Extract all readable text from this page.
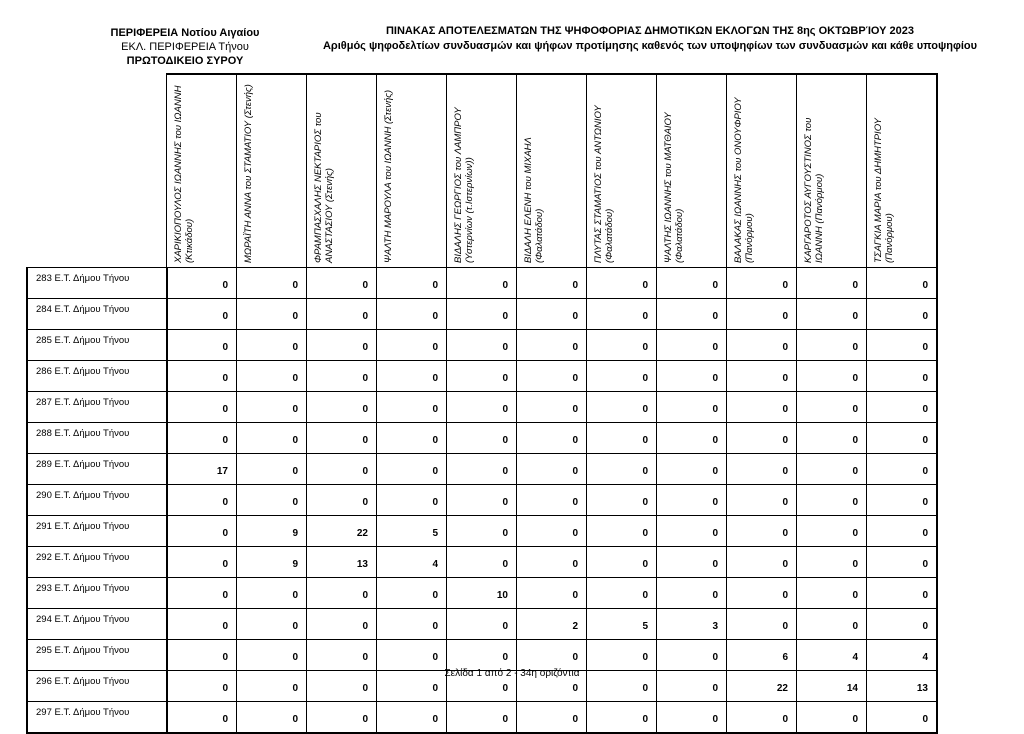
ΠΕΡΙΦΕΡΕΙΑ Νοτίου Αιγαίου
ΕΚΛ. ΠΕΡΙΦΕΡΕΙΑ Τήνου
ΠΡΩΤΟΔΙΚΕΙΟ ΣΥΡΟΥ
ΠΙΝΑΚΑΣ ΑΠΟΤΕΛΕΣΜΑΤΩΝ ΤΗΣ ΨΗΦΟΦΟΡΙΑΣ ΔΗΜΟΤΙΚΩΝ ΕΚΛΟΓΩΝ ΤΗΣ 8ης ΟΚΤΩΒΡΊΟΥ 2023
Αριθμός ψηφοδελτίων συνδυασμών και ψήφων προτίμησης καθενός των υποψηφίων των συνδυασμών και κάθε υποψηφίου

	ΧΑΡΙΚΙΟΠΟΥΛΟΣ ΙΩΑΝΝΗΣ του ΙΩΑΝΝΗ (Κτικάδου)	ΜΩΡΑΪΤΗ ΑΝΝΑ του ΣΤΑΜΑΤΙΟΥ (Στενής)	ΦΡΑΜΠΑΣΧΑΛΗΣ ΝΕΚΤΑΡΙΟΣ του ΑΝΑΣΤΑΣΙΟΥ (Στενής)	ΨΑΛΤΗ ΜΑΡΟΥΛΑ του ΙΩΑΝΝΗ (Στενής)	ΒΙΔΑΛΗΣ ΓΕΩΡΓΙΟΣ του ΛΑΜΠΡΟΥ (Υστερνίων (τ.Ιστερνίων))	ΒΙΔΑΛΗ ΕΛΕΝΗ του ΜΙΧΑΗΛ (Φαλατάδου)	ΠΛΥΤΑΣ ΣΤΑΜΑΤΙΟΣ του ΑΝΤΩΝΙΟΥ (Φαλατάδου)	ΨΑΛΤΗΣ ΙΩΑΝΝΗΣ του ΜΑΤΘΑΙΟΥ (Φαλατάδου)	ΒΑΛΑΚΑΣ ΙΩΑΝΝΗΣ του ΟΝΟΥΦΡΙΟΥ (Πανόρμου)	ΚΑΡΓΑΡΟΤΟΣ ΑΥΓΟΥΣΤΙΝΟΣ του ΙΩΑΝΝΗ (Πανόρμου)	ΤΣΑΓΚΙΑ ΜΑΡΙΑ του ΔΗΜΗΤΡΙΟΥ (Πανόρμου)

283 Ε.Τ. Δήμου Τήνου	0	0	0	0	0	0	0	0	0	0	0
284 Ε.Τ. Δήμου Τήνου	0	0	0	0	0	0	0	0	0	0	0
285 Ε.Τ. Δήμου Τήνου	0	0	0	0	0	0	0	0	0	0	0
286 Ε.Τ. Δήμου Τήνου	0	0	0	0	0	0	0	0	0	0	0
287 Ε.Τ. Δήμου Τήνου	0	0	0	0	0	0	0	0	0	0	0
288 Ε.Τ. Δήμου Τήνου	0	0	0	0	0	0	0	0	0	0	0
289 Ε.Τ. Δήμου Τήνου	17	0	0	0	0	0	0	0	0	0	0
290 Ε.Τ. Δήμου Τήνου	0	0	0	0	0	0	0	0	0	0	0
291 Ε.Τ. Δήμου Τήνου	0	9	22	5	0	0	0	0	0	0	0
292 Ε.Τ. Δήμου Τήνου	0	9	13	4	0	0	0	0	0	0	0
293 Ε.Τ. Δήμου Τήνου	0	0	0	0	10	0	0	0	0	0	0
294 Ε.Τ. Δήμου Τήνου	0	0	0	0	0	2	5	3	0	0	0
295 Ε.Τ. Δήμου Τήνου	0	0	0	0	0	0	0	0	6	4	4
296 Ε.Τ. Δήμου Τήνου	0	0	0	0	0	0	0	0	22	14	13
297 Ε.Τ. Δήμου Τήνου	0	0	0	0	0	0	0	0	0	0	0
Σελίδα 1 από 2 - 34η οριζόντια
